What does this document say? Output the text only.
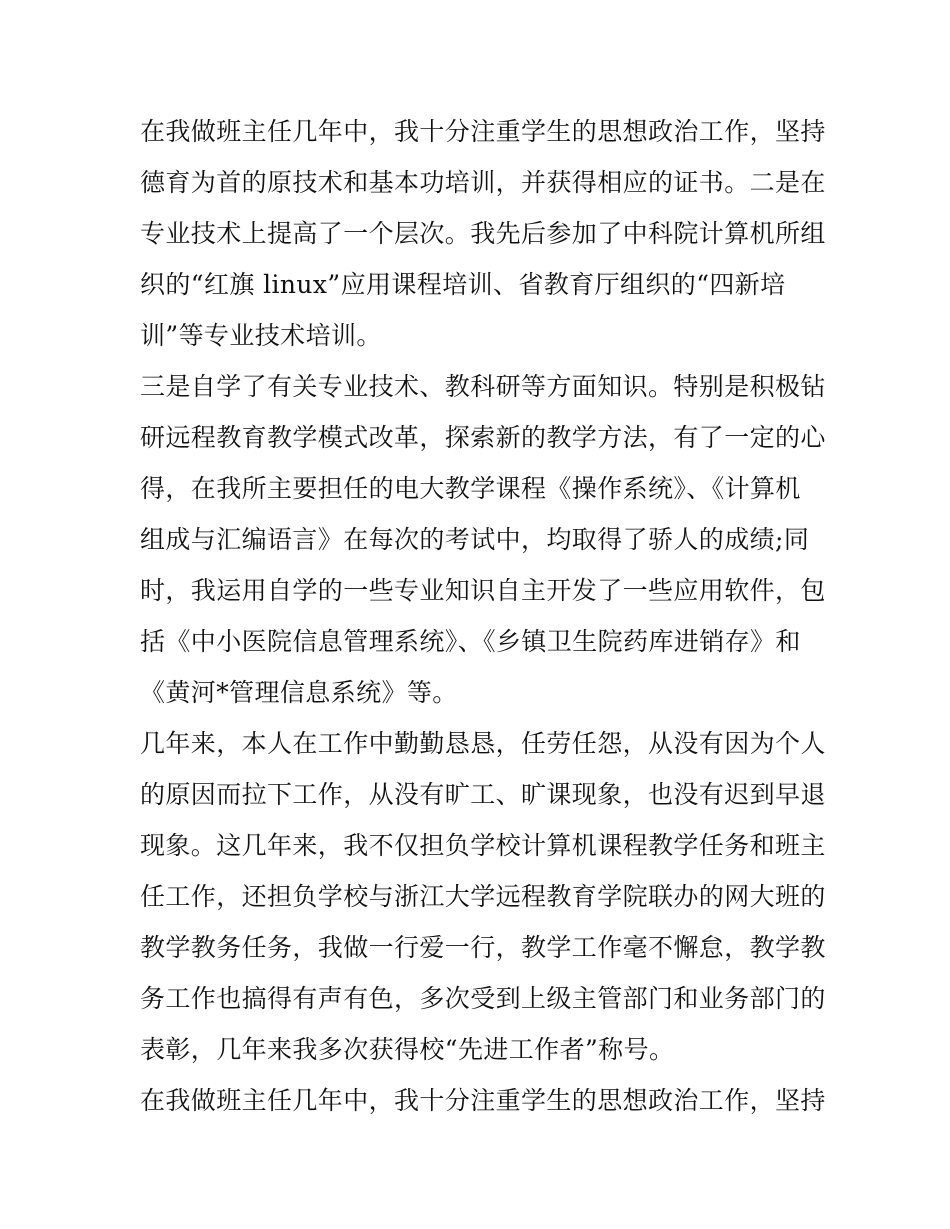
在我做班主任几年中，我十分注重学生的思想政治工作，坚持
德育为首的原技术和基本功培训，并获得相应的证书。二是在
专业技术上提高了一个层次。我先后参加了中科院计算机所组
织的“红旗 linux”应用课程培训、省教育厅组织的“四新培
训”等专业技术培训。
三是自学了有关专业技术、教科研等方面知识。特别是积极钻
研远程教育教学模式改革，探索新的教学方法，有了一定的心
得，在我所主要担任的电大教学课程《操作系统》、《计算机
组成与汇编语言》在每次的考试中，均取得了骄人的成绩;同
时，我运用自学的一些专业知识自主开发了一些应用软件，包
括《中小医院信息管理系统》、《乡镇卫生院药库进销存》和
《黄河*管理信息系统》等。
几年来，本人在工作中勤勤恳恳，任劳任怨，从没有因为个人
的原因而拉下工作，从没有旷工、旷课现象，也没有迟到早退
现象。这几年来，我不仅担负学校计算机课程教学任务和班主
任工作，还担负学校与浙江大学远程教育学院联办的网大班的
教学教务任务，我做一行爱一行，教学工作毫不懈怠，教学教
务工作也搞得有声有色，多次受到上级主管部门和业务部门的
表彰，几年来我多次获得校“先进工作者”称号。
在我做班主任几年中，我十分注重学生的思想政治工作，坚持
